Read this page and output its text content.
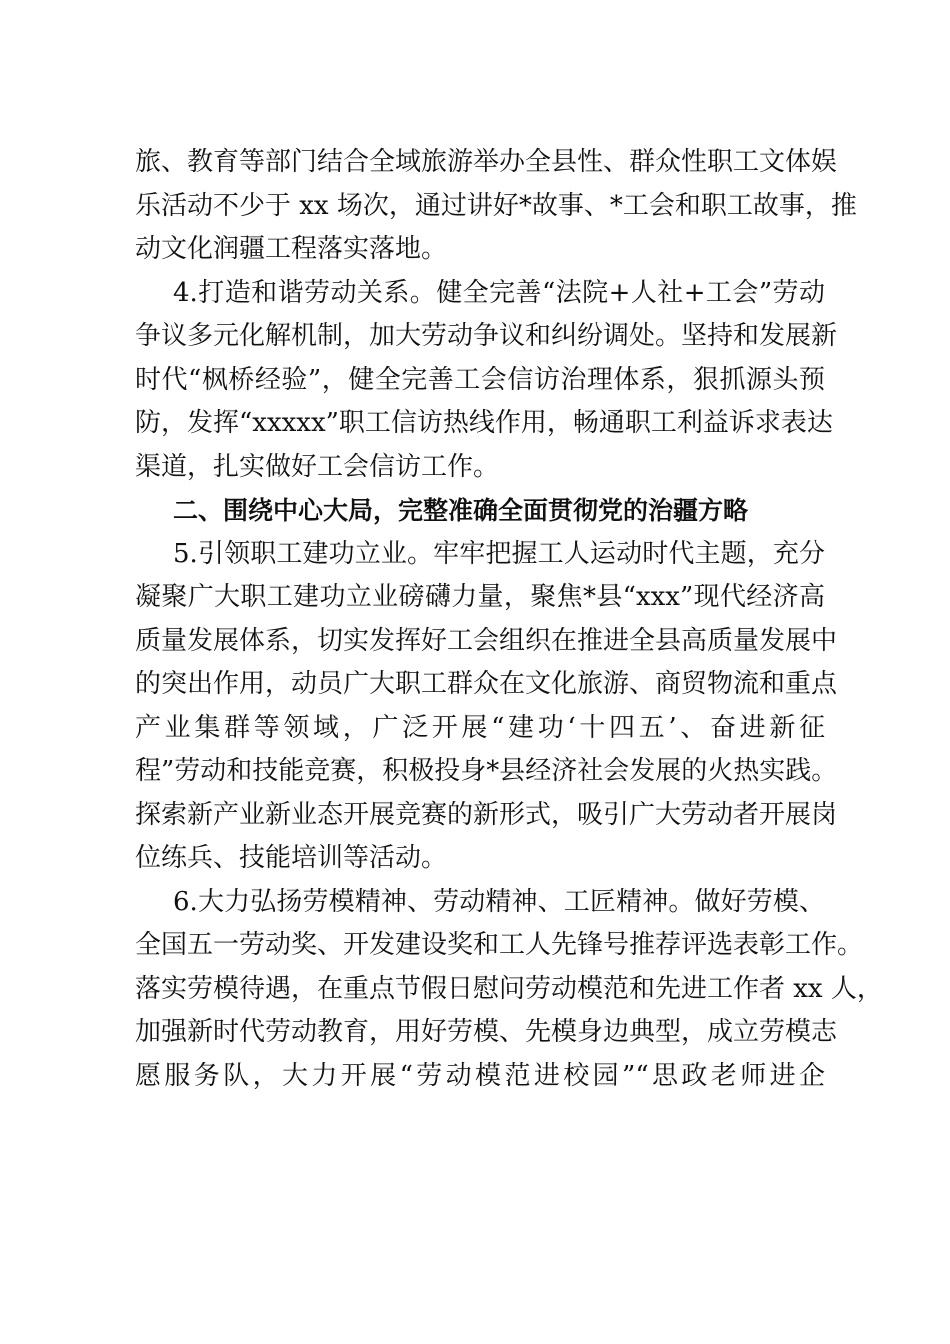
旅、教育等部门结合全域旅游举办全县性、群众性职工文体娱
乐活动不少于 xx 场次，通过讲好*故事、*工会和职工故事，推
动文化润疆工程落实落地。
4.打造和谐劳动关系。健全完善“法院+人社+工会”劳动
争议多元化解机制，加大劳动争议和纠纷调处。坚持和发展新
时代“枫桥经验”，健全完善工会信访治理体系，狠抓源头预
防，发挥“xxxxx”职工信访热线作用，畅通职工利益诉求表达
渠道，扎实做好工会信访工作。
二、围绕中心大局，完整准确全面贯彻党的治疆方略
5.引领职工建功立业。牢牢把握工人运动时代主题，充分
凝聚广大职工建功立业磅礴力量，聚焦*县“xxx”现代经济高
质量发展体系，切实发挥好工会组织在推进全县高质量发展中
的突出作用，动员广大职工群众在文化旅游、商贸物流和重点
产业集群等领域，广泛开展“建功‘十四五’、奋进新征
程”劳动和技能竞赛，积极投身*县经济社会发展的火热实践。
探索新产业新业态开展竞赛的新形式，吸引广大劳动者开展岗
位练兵、技能培训等活动。
6.大力弘扬劳模精神、劳动精神、工匠精神。做好劳模、
全国五一劳动奖、开发建设奖和工人先锋号推荐评选表彰工作。
落实劳模待遇，在重点节假日慰问劳动模范和先进工作者 xx 人，
加强新时代劳动教育，用好劳模、先模身边典型，成立劳模志
愿服务队，大力开展“劳动模范进校园”“思政老师进企
